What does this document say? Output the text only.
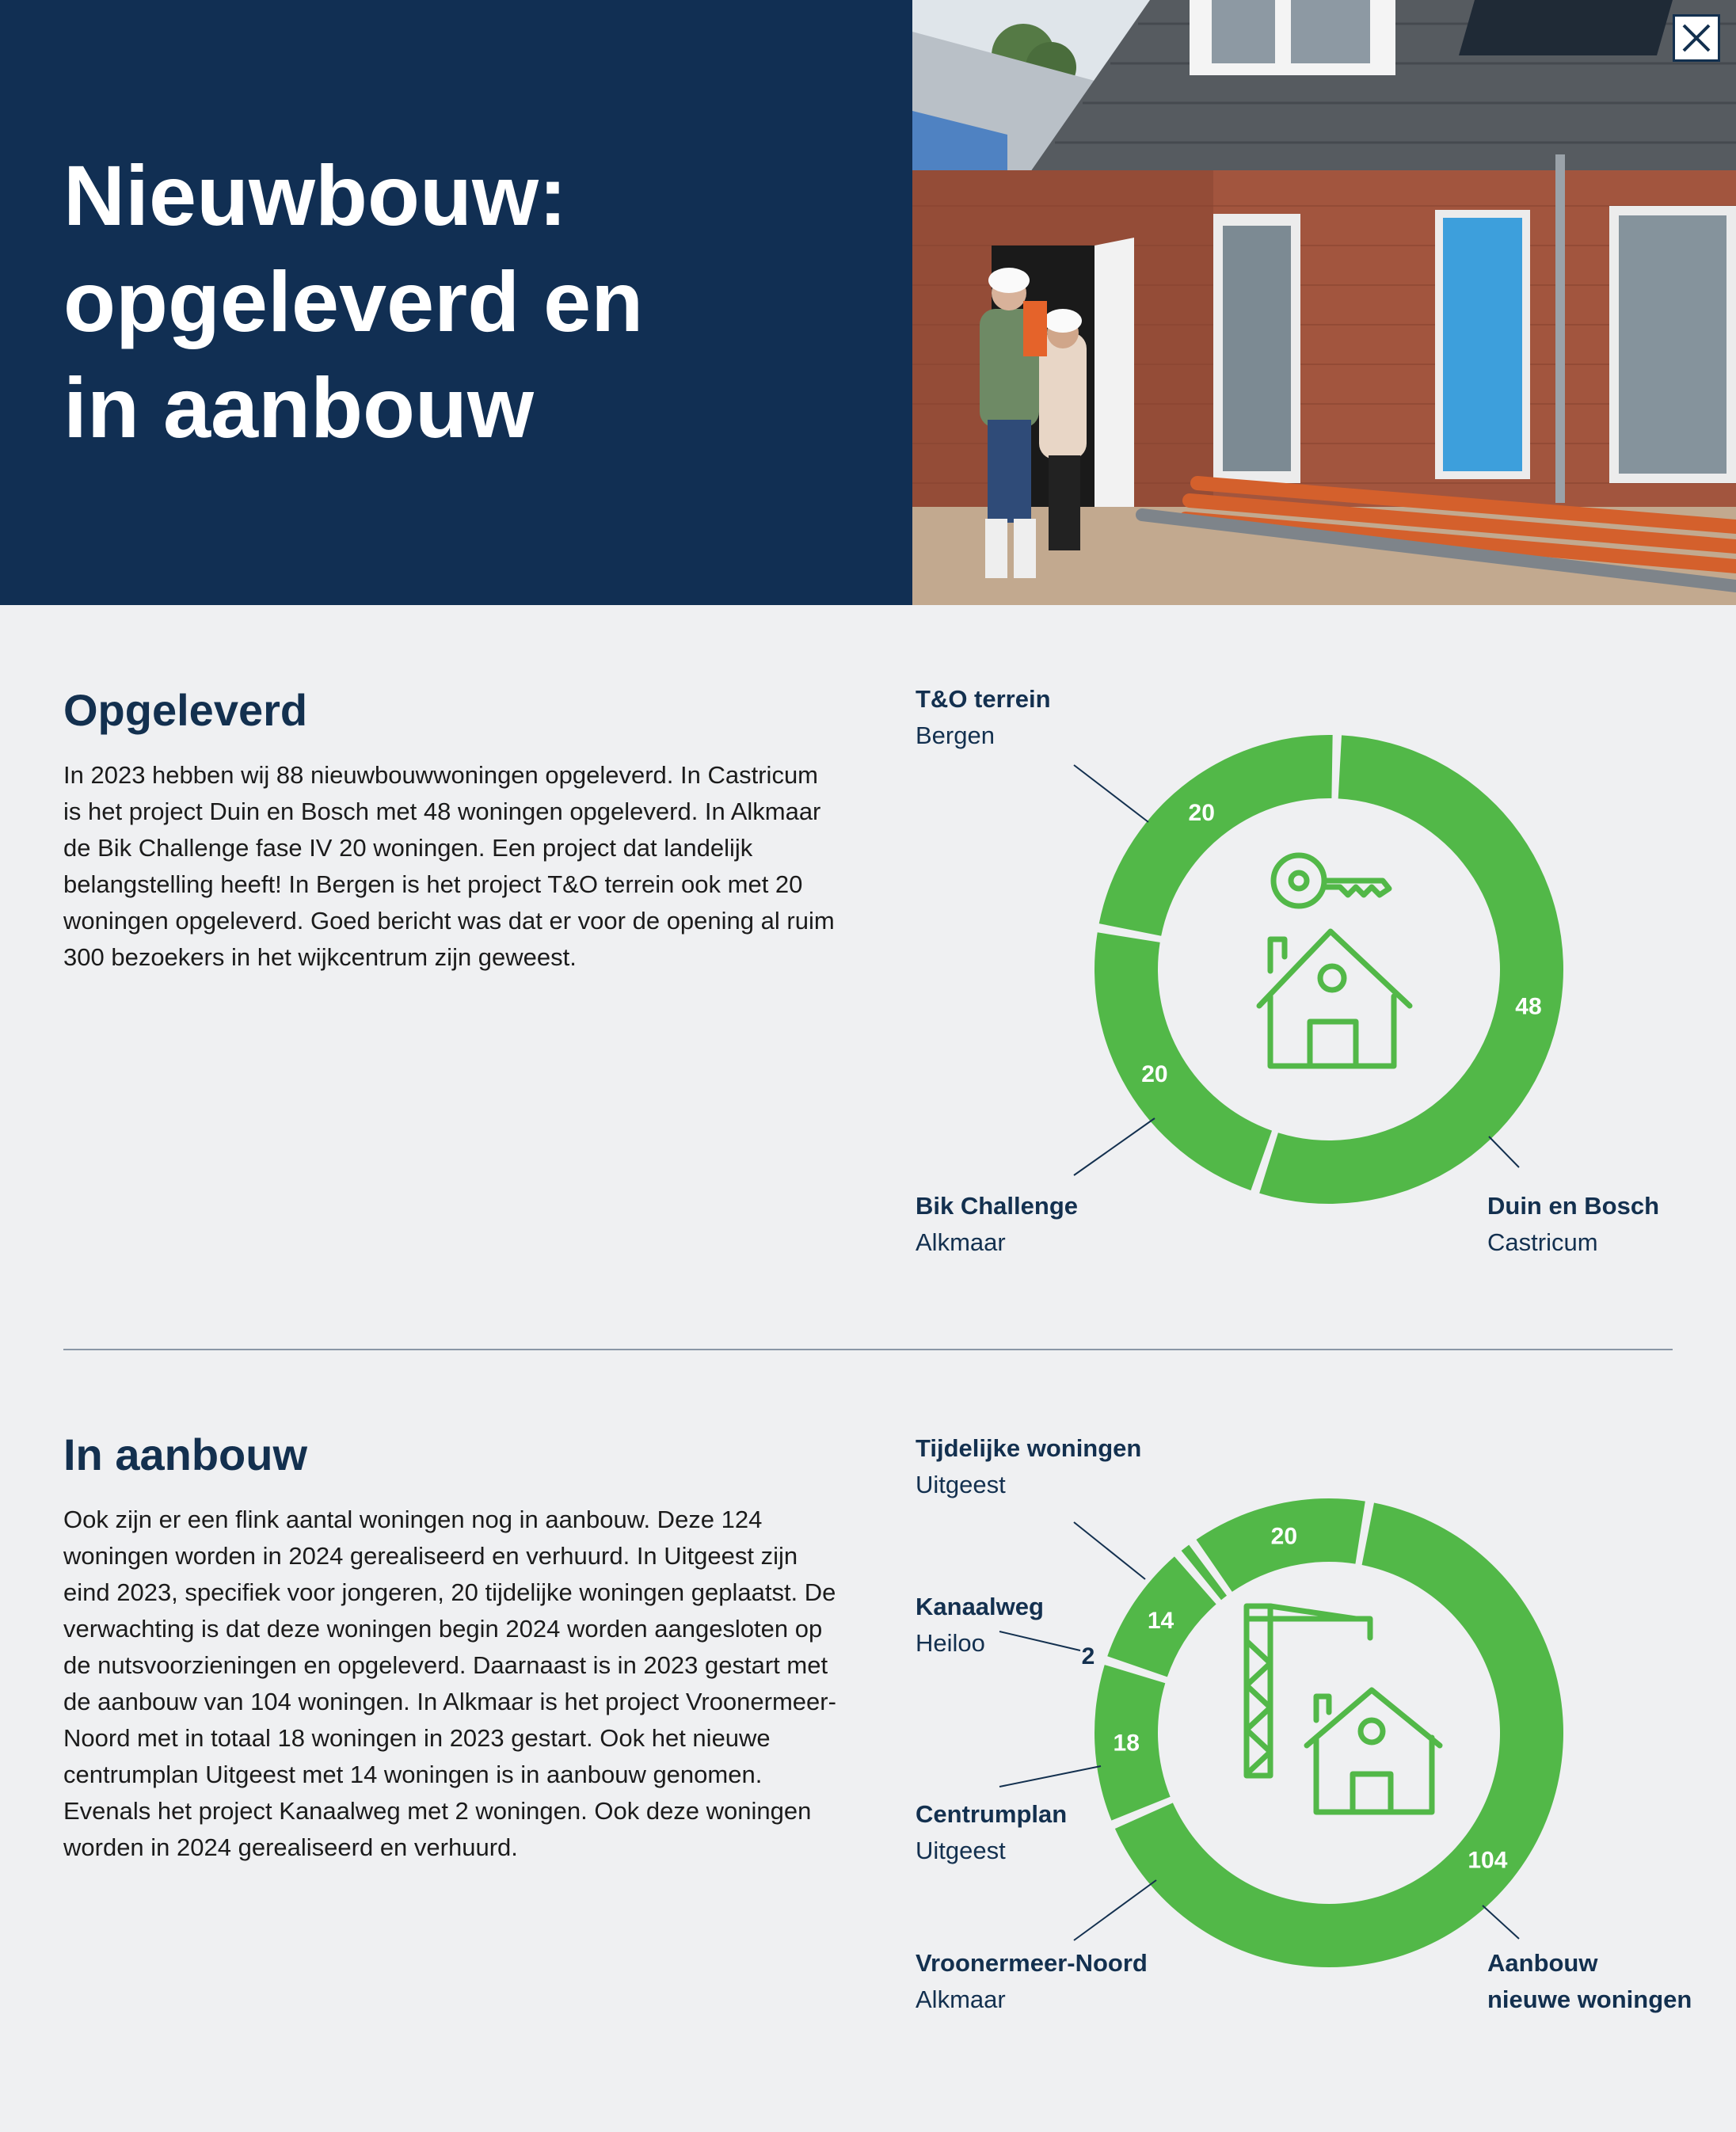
Nieuwbouw:
opgeleverd en
in aanbouw
Opgeleverd

In 2023 hebben wij 88 nieuwbouwwoningen opgeleverd. In Castricum is het project Duin en Bosch met 48 woningen opgeleverd. In Alkmaar de Bik Challenge fase IV 20 woningen. Een project dat landelijk belangstelling heeft! In Bergen is het project T&O terrein ook met 20 woningen opgeleverd. Goed bericht was dat er voor de opening al ruim 300 bezoekers in het wijkcentrum zijn geweest.

48
20
20
T&O terrein
Bergen
Bik Challenge
Alkmaar
Duin en Bosch
Castricum
In aanbouw

Ook zijn er een flink aantal woningen nog in aanbouw. Deze 124 woningen worden in 2024 gerealiseerd en verhuurd. In Uitgeest zijn eind 2023, specifiek voor jongeren, 20 tijdelijke woningen geplaatst. De verwachting is dat deze woningen begin 2024 worden aangesloten op de nutsvoorzieningen en opgeleverd. Daarnaast is in 2023 gestart met de aanbouw van 104 woningen. In Alkmaar is het project Vroonermeer-Noord met in totaal 18 woningen in 2023 gestart. Ook het nieuwe centrumplan Uitgeest met 14 woningen is in aanbouw genomen. Evenals het project Kanaalweg met 2 woningen. Ook deze woningen worden in 2024 gerealiseerd en verhuurd.	104
18
14
2
20
Tijdelijke woningen
Uitgeest
Kanaalweg
Heiloo
Centrumplan
Uitgeest
Vroonermeer-Noord
Alkmaar
Aanbouw
nieuwe woningen
